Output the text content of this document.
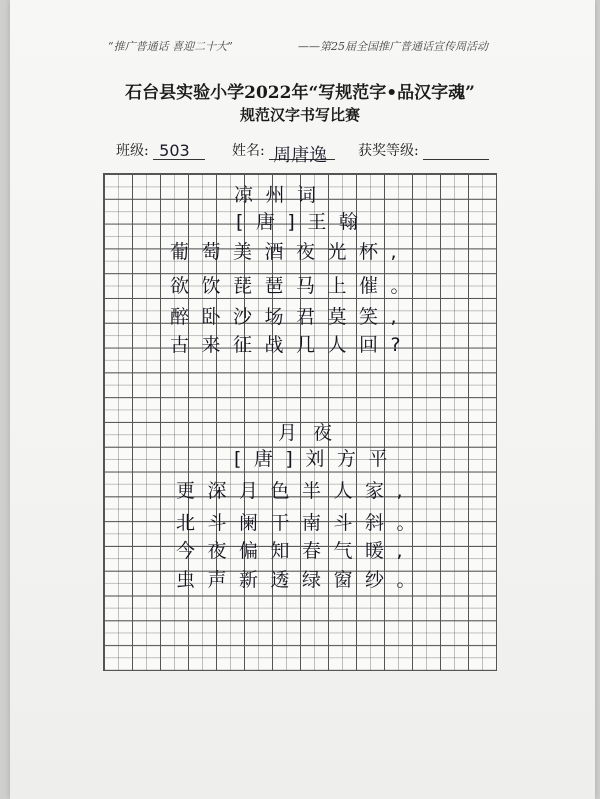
“推广普通话 喜迎二十大”	——第25届全国推广普通话宣传周活动
石台县实验小学2022年“写规范字•品汉字魂”
规范汉字书写比赛
班级: 503	姓名: 周唐逸	获奖等级:
凉州词
[唐]王翰
葡萄美酒夜光杯,
欲饮琵琶马上催。
醉卧沙场君莫笑,
古来征战几人回?
月夜
[唐]刘方平
更深月色半人家,
北斗阑干南斗斜。
今夜偏知春气暖,
虫声新透绿窗纱。
